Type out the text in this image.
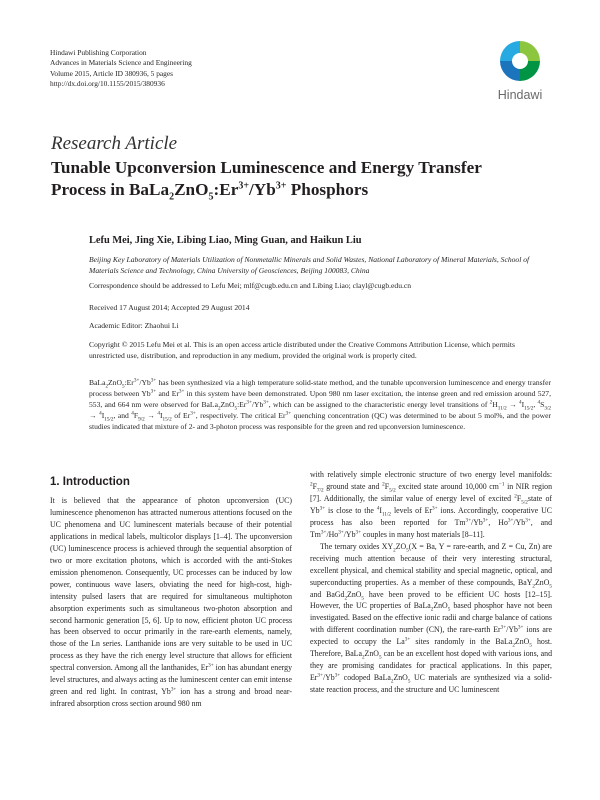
Hindawi Publishing Corporation
Advances in Materials Science and Engineering
Volume 2015, Article ID 380936, 5 pages
http://dx.doi.org/10.1155/2015/380936
Hindawi
Research Article
Tunable Upconversion Luminescence and Energy Transfer
Process in $BaLa_2ZnO_5:Er^{3+}/Yb^{3+}$ Phosphors
Lefu Mei, Jing Xie, Libing Liao, Ming Guan, and Haikun Liu
Beijing Key Laboratory of Materials Utilization of Nonmetallic Minerals and Solid Wastes, National Laboratory of Mineral Materials, School of Materials Science and Technology, China University of Geosciences, Beijing 100083, China
Correspondence should be addressed to Lefu Mei; mlf@cugb.edu.cn and Libing Liao; clayl@cugb.edu.cn
Received 17 August 2014; Accepted 29 August 2014
Academic Editor: Zhaohui Li
Copyright © 2015 Lefu Mei et al. This is an open access article distributed under the Creative Commons Attribution License, which permits unrestricted use, distribution, and reproduction in any medium, provided the original work is properly cited.
$BaLa_2ZnO_5:Er^{3+}/Yb^{3+}$ has been synthesized via a high temperature solid-state method, and the tunable upconversion luminescence and energy transfer process between $Yb^{3+}$ and $Er^{3+}$ in this system have been demonstrated. Upon 980 nm laser excitation, the intense green and red emission around 527, 553, and 664 nm were observed for $BaLa_2ZnO_5:Er^{3+}/Yb^{3+}$, which can be assigned to the characteristic energy level transitions of $^2H_{11/2} \to ^4I_{15/2}$, $^4S_{3/2} \to ^4I_{15/2}$, and $^4F_{9/2} \to ^4I_{15/2}$ of $Er^{3+}$, respectively. The critical $Er^{3+}$ quenching concentration (QC) was determined to be about 5 mol%, and the power studies indicated that mixture of 2- and 3-photon process was responsible for the green and red upconversion luminescence.
1. Introduction

It is believed that the appearance of photon upconversion (UC) luminescence phenomenon has attracted numerous attentions focused on the UC phenomena and UC luminescent materials because of their potential applications in medical labels, multicolor displays [1–4]. The upconversion (UC) luminescence process is achieved through the sequential absorption of two or more excitation photons, which is accorded with the anti-Stokes emission phenomenon. Consequently, UC processes can be induced by low power, continuous wave lasers, obviating the need for high-cost, high-intensity pulsed lasers that are required for simultaneous multiphoton absorption experiments such as simultaneous two-photon absorption and second harmonic generation [5, 6]. Up to now, efficient photon UC process has been observed to occur primarily in the rare-earth elements, namely, those of the Ln series. Lanthanide ions are very suitable to be used in UC process as they have the rich energy level structure that allows for efficient spectral conversion. Among all the lanthanides, $Er^{3+}$ ion has abundant energy level structures, and always acting as the luminescent center can emit intense green and red light. In contrast, $Yb^{3+}$ ion has a strong and broad near-infrared absorption cross section around 980 nm

with relatively simple electronic structure of two energy level manifolds: $^2F_{7/2}$ ground state and $^2F_{5/2}$ excited state around 10,000 $cm^{-1}$ in NIR region [7]. Additionally, the similar value of energy level of excited $^2F_{5/2}state$ of $Yb^{3+}$ is close to the $^4I_{11/2}$ levels of $Er^{3+}$ ions. Accordingly, cooperative UC process has also been reported for $Tm^{3+}/Yb^{3+}$, $Ho^{3+}/Yb^{3+}$, and $Tm^{3+}/Ho^{3+}/Yb^{3+}$ couples in many host materials [8–11].

The ternary oxides $XY_2ZO_5(X = Ba$, Y = rare-earth, and Z = Cu, Zn) are receiving much attention because of their very interesting structural, excellent physical, and chemical stability and special magnetic, optical, and superconducting properties. As a member of these compounds, BaY$_2$ZnO$_5$ and BaGd$_2$ZnO$_5$ have been proved to be efficient UC hosts [12–15]. However, the UC properties of BaLa$_2$ZnO$_5$ based phosphor have not been investigated. Based on the effective ionic radii and charge balance of cations with different coordination number (CN), the rare-earth $Er^{3+}/Yb^{3+}$ ions are expected to occupy the $La^{3+}$ sites randomly in the BaLa$_2$ZnO$_5$ host. Therefore, BaLa$_2$ZnO$_5$ can be an excellent host doped with various ions, and they are promising candidates for practical applications. In this paper, $Er^{3+}/Yb^{3+}$ codoped BaLa$_2$ZnO$_5$ UC materials are synthesized via a solid-state reaction process, and the structure and UC luminescent
